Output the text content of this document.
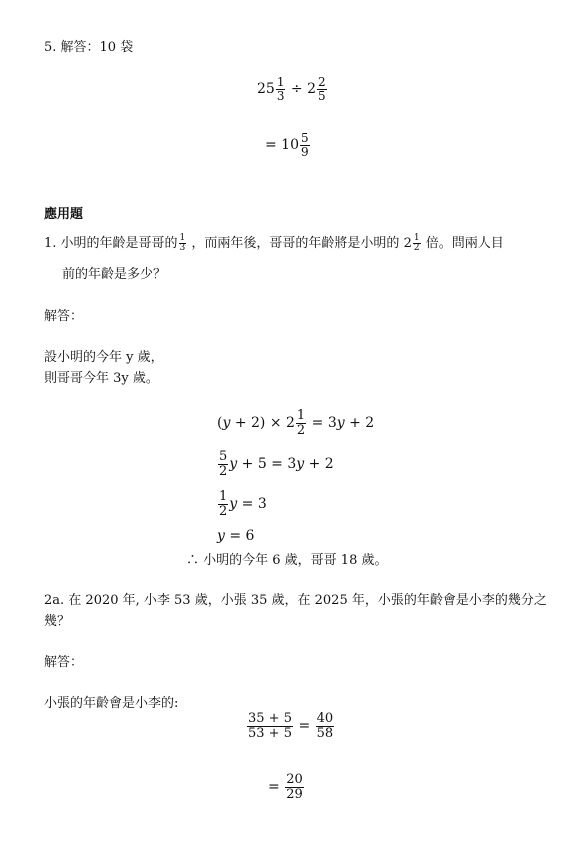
5. 解答：10 袋
$25 \frac{1}{3} \div 2 \frac{2}{5}$
= $10 \frac{5}{9}$
應用題
1. 小明的年齡是哥哥的 $\frac{1}{3}$ ，而兩年後，哥哥的年齡將是小明的 $2 \frac{1}{2}$ 倍。問兩人目
前的年齡是多少？
解答：
設小明的今年 y 歲，
則哥哥今年 3y 歲。
(𝑦 + $2) \times 2 \frac{1}{2}$ = 3𝑦 + 2
$\frac{5}{2}$ 𝑦 + 5 = 3𝑦 + 2
$\frac{1}{2}$ 𝑦 = 3
𝑦 = 6
∴ 小明的今年 6 歲，哥哥 18 歲。
2a. 在 2020 年, 小李 53 歲，小張 35 歲，在 2025 年，小張的年齡會是小李的幾分之
幾？
解答：
小張的年齡會是小李的:
$\frac{35 + 5}{53 + 5} = \frac{40}{58}$
= $\frac{20}{29}$
